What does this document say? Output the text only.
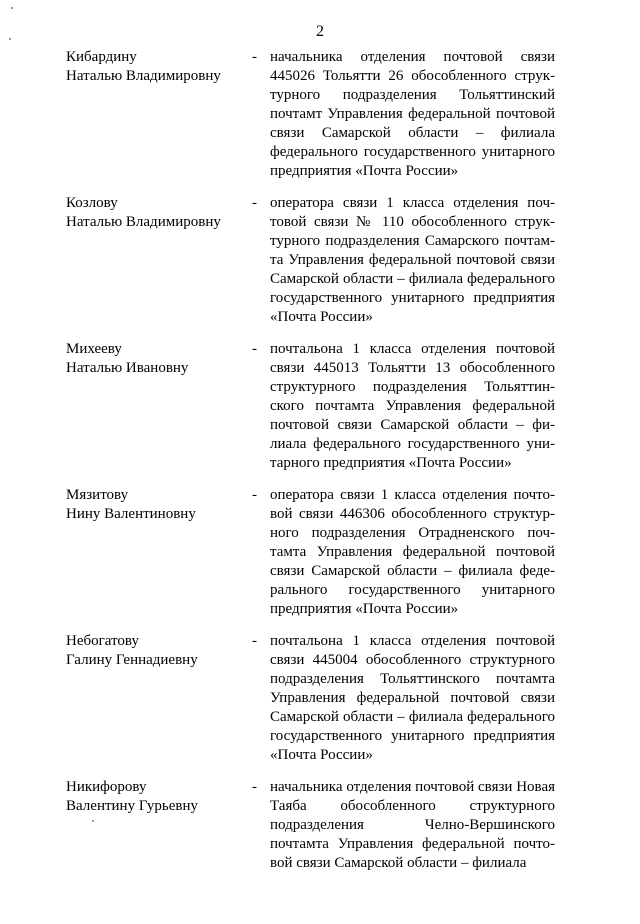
2
Кибардину
Наталью Владимировну
- начальника отделения почтовой связи 445026 Тольятти 26 обособленного структурного подразделения Тольяттинский почтамт Управления федеральной почтовой связи Самарской области – филиала федерального государственного унитарного предприятия «Почта России»
Козлову
Наталью Владимировну
- оператора связи 1 класса отделения почтовой связи № 110 обособленного структурного подразделения Самарского почтамта Управления федеральной почтовой связи Самарской области – филиала федерального государственного унитарного предприятия «Почта России»
Михееву
Наталью Ивановну
- почтальона 1 класса отделения почтовой связи 445013 Тольятти 13 обособленного структурного подразделения Тольяттинского почтамта Управления федеральной почтовой связи Самарской области – филиала федерального государственного унитарного предприятия «Почта России»
Мязитову
Нину Валентиновну
- оператора связи 1 класса отделения почтовой связи 446306 обособленного структурного подразделения Отрадненского почтамта Управления федеральной почтовой связи Самарской области – филиала федерального государственного унитарного предприятия «Почта России»
Небогатову
Галину Геннадиевну
- почтальона 1 класса отделения почтовой связи 445004 обособленного структурного подразделения Тольяттинского почтамта Управления федеральной почтовой связи Самарской области – филиала федерального государственного унитарного предприятия «Почта России»
Никифорову
Валентину Гурьевну
- начальника отделения почтовой связи Новая Таяба обособленного структурного подразделения Челно-Вершинского почтамта Управления федеральной почтовой связи Самарской области – филиала
